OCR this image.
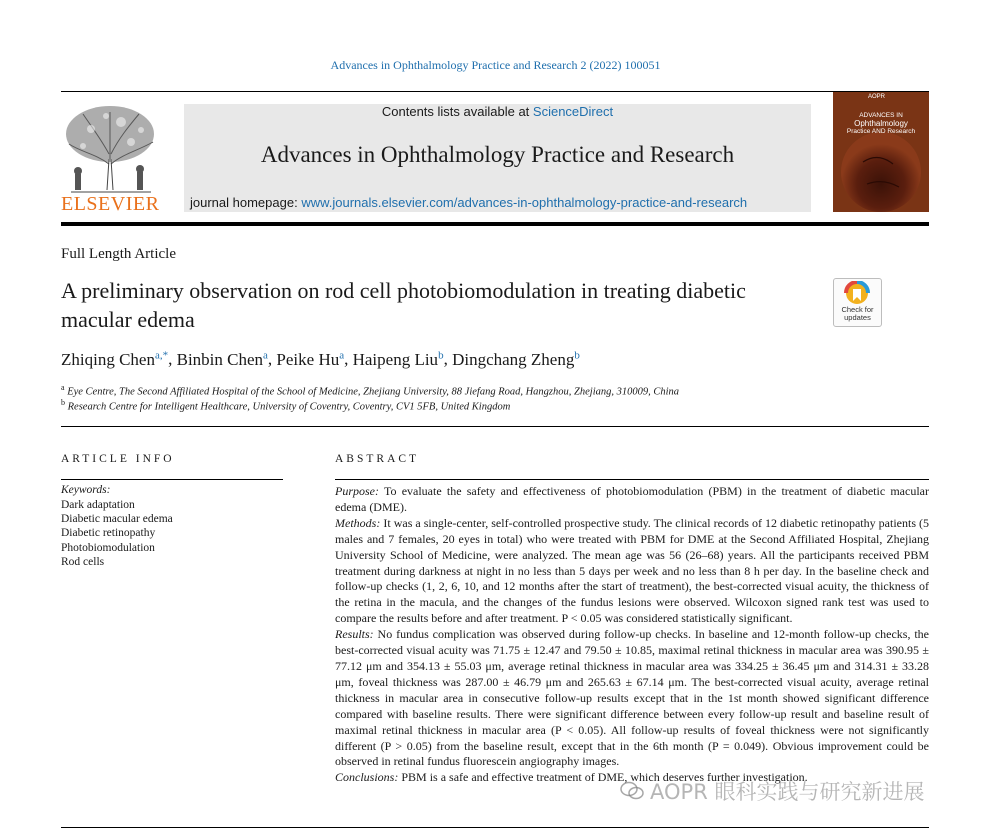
Advances in Ophthalmology Practice and Research 2 (2022) 100051
ELSEVIER
Contents lists available at ScienceDirect
Advances in Ophthalmology Practice and Research
journal homepage: www.journals.elsevier.com/advances-in-ophthalmology-practice-and-research
AOPR
ADVANCES IN
Ophthalmology
Practice AND Research
Full Length Article
A preliminary observation on rod cell photobiomodulation in treating diabetic macular edema	Check for updates
Zhiqing Chen$^{a,*}$, Binbin Chen$^a$, Peike Hu$^a$, Haipeng Liu$^b$, Dingchang Zheng$^b$
$^a$ Eye Centre, The Second Affiliated Hospital of the School of Medicine, Zhejiang University, 88 Jiefang Road, Hangzhou, Zhejiang, 310009, China
$^b$ Research Centre for Intelligent Healthcare, University of Coventry, Coventry, CV1 5FB, United Kingdom
ARTICLE INFO
Keywords:
Dark adaptation
Diabetic macular edema
Diabetic retinopathy
Photobiomodulation
Rod cells
ABSTRACT

Purpose: To evaluate the safety and effectiveness of photobiomodulation (PBM) in the treatment of diabetic macular edema (DME).

Methods: It was a single-center, self-controlled prospective study. The clinical records of 12 diabetic retinopathy patients (5 males and 7 females, 20 eyes in total) who were treated with PBM for DME at the Second Affiliated Hospital, Zhejiang University School of Medicine, were analyzed. The mean age was 56 (26–68) years. All the participants received PBM treatment during darkness at night in no less than 5 days per week and no less than 8 h per day. In the baseline check and follow-up checks (1, 2, 6, 10, and 12 months after the start of treatment), the best-corrected visual acuity, the thickness of the retina in the macula, and the changes of the fundus lesions were observed. Wilcoxon signed rank test was used to compare the results before and after treatment. P < 0.05 was considered statistically significant.

Results: No fundus complication was observed during follow-up checks. In baseline and 12-month follow-up checks, the best-corrected visual acuity was 71.75 ± 12.47 and 79.50 ± 10.85, maximal retinal thickness in macular area was 390.95 ± 77.12 μm and 354.13 ± 55.03 μm, average retinal thickness in macular area was 334.25 ± 36.45 μm and 314.31 ± 33.28 μm, foveal thickness was 287.00 ± 46.79 μm and 265.63 ± 67.14 μm. The best-corrected visual acuity, average retinal thickness in macular area in consecutive follow-up results except that in the 1st month showed significant difference compared with baseline results. There were significant difference between every follow-up result and baseline result of maximal retinal thickness in macular area (P < 0.05). All follow-up results of foveal thickness were not significantly different (P > 0.05) from the baseline result, except that in the 6th month (P = 0.049). Obvious improvement could be observed in retinal fundus fluorescein angiography images.

Conclusions: PBM is a safe and effective treatment of DME, which deserves further investigation.

AOPR 眼科实践与研究新进展
